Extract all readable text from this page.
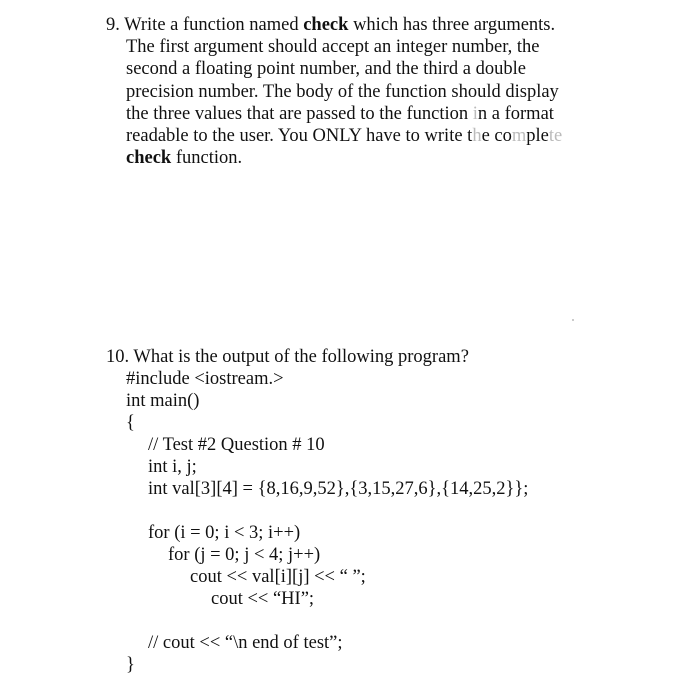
9. Write a function named check which has three arguments.
The first argument should accept an integer number, the
second a floating point number, and the third a double
precision number. The body of the function should display
the three values that are passed to the function in a format
readable to the user. You ONLY have to write the complete
check function.
10. What is the output of the following program?
#include <iostream.>
int main()
{
// Test #2 Question # 10
int i, j;
int val[3][4] = {8,16,9,52},{3,15,27,6},{14,25,2}};
for (i = 0; i < 3; i++)
for (j = 0; j < 4; j++)
cout << val[i][j] << “ ”;
cout << “HI”;
// cout << “\n end of test”;
}
